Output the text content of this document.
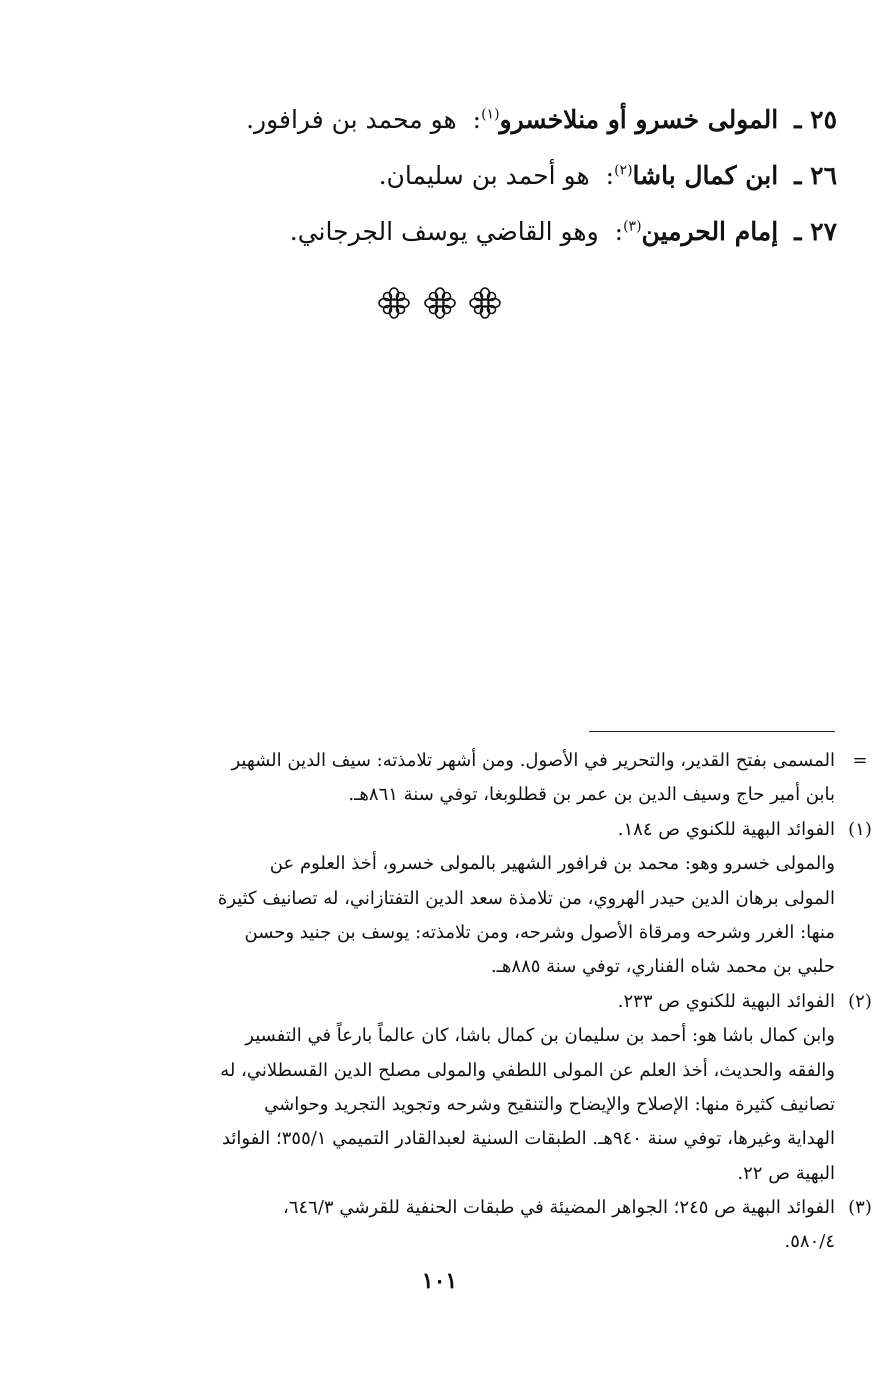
٢٥ ـ المولى خسرو أو منلاخسرو$^{(١)}$: هو محمد بن فرافور.
٢٦ ـ ابن كمال باشا$^{(٢)}$: هو أحمد بن سليمان.
٢٧ ـ إمام الحرمين$^{(٣)}$: وهو القاضي يوسف الجرجاني.

=
المسمى بفتح القدير، والتحرير في الأصول. ومن أشهر تلامذته: سيف الدين الشهير
بابن أمير حاج وسيف الدين بن عمر بن قطلوبغا، توفي سنة ٨٦١هـ.
(١)
الفوائد البهية للكنوي ص ١٨٤.
والمولى خسرو وهو: محمد بن فرافور الشهير بالمولى خسرو، أخذ العلوم عن
المولى برهان الدين حيدر الهروي، من تلامذة سعد الدين التفتازاني، له تصانيف كثيرة
منها: الغرر وشرحه ومرقاة الأصول وشرحه، ومن تلامذته: يوسف بن جنيد وحسن
حلبي بن محمد شاه الفناري، توفي سنة ٨٨٥هـ.
(٢)
الفوائد البهية للكنوي ص ٢٣٣.
وابن كمال باشا هو: أحمد بن سليمان بن كمال باشا، كان عالماً بارعاً في التفسير
والفقه والحديث، أخذ العلم عن المولى اللطفي والمولى مصلح الدين القسطلاني، له
تصانيف كثيرة منها: الإصلاح والإيضاح والتنقيح وشرحه وتجويد التجريد وحواشي
الهداية وغيرها، توفي سنة ٩٤٠هـ. الطبقات السنية لعبدالقادر التميمي ٣٥٥/١؛ الفوائد
البهية ص ٢٢.
(٣)
الفوائد البهية ص ٢٤٥؛ الجواهر المضيئة في طبقات الحنفية للقرشي ٦٤٦/٣،
٥٨٠/٤.
١٠١
